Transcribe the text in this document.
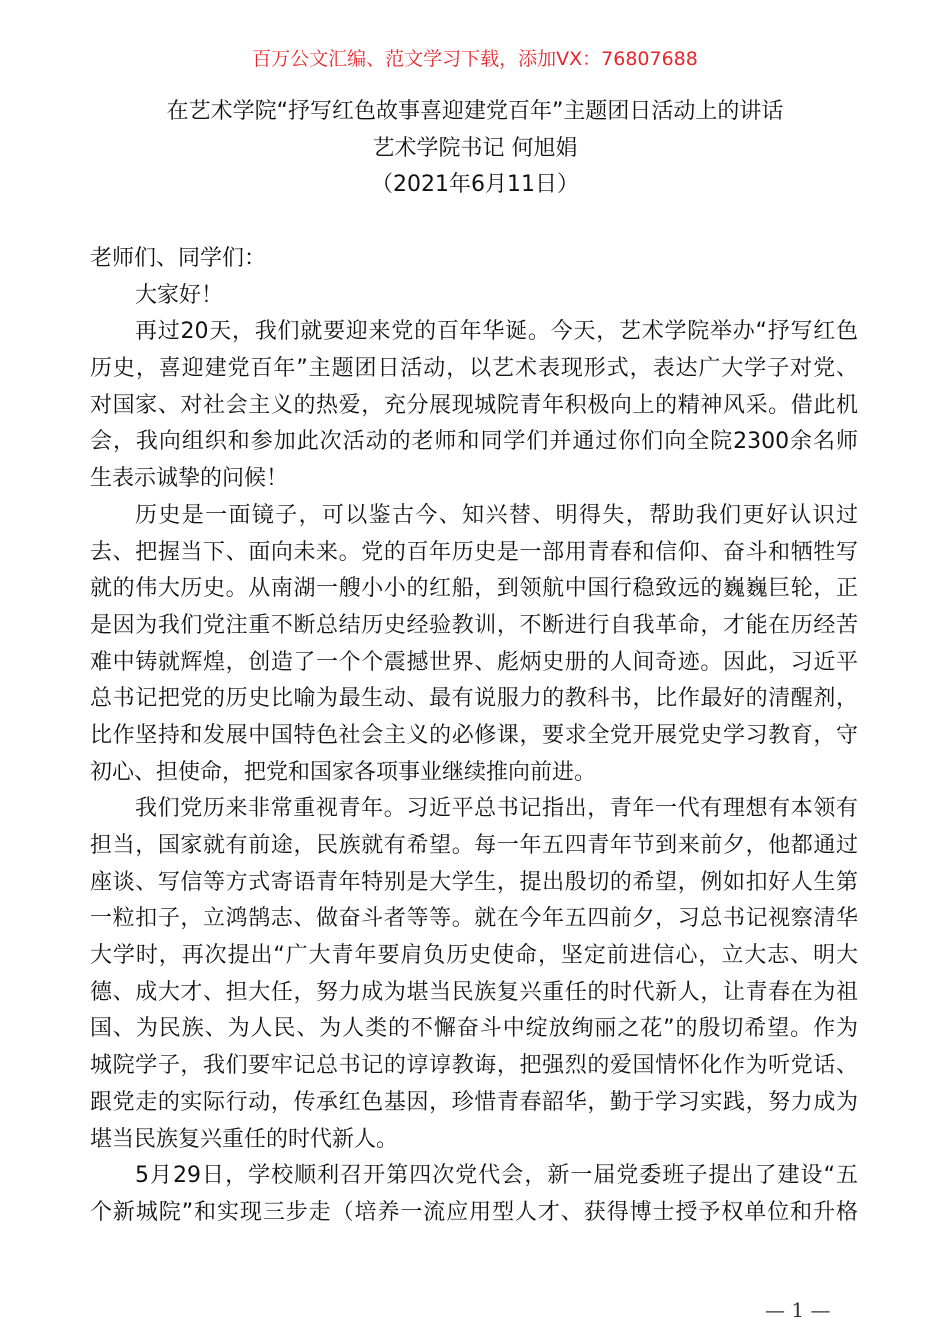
百万公文汇编、范文学习下载，添加VX：76807688
在艺术学院“抒写红色故事喜迎建党百年”主题团日活动上的讲话
艺术学院书记 何旭娟
（2021年6月11日）
老师们、同学们：
大家好！
再过20天，我们就要迎来党的百年华诞。今天，艺术学院举办“抒写红色
历史，喜迎建党百年”主题团日活动，以艺术表现形式，表达广大学子对党、
对国家、对社会主义的热爱，充分展现城院青年积极向上的精神风采。借此机
会，我向组织和参加此次活动的老师和同学们并通过你们向全院2300余名师
生表示诚挚的问候！
历史是一面镜子，可以鉴古今、知兴替、明得失，帮助我们更好认识过
去、把握当下、面向未来。党的百年历史是一部用青春和信仰、奋斗和牺牲写
就的伟大历史。从南湖一艘小小的红船，到领航中国行稳致远的巍巍巨轮，正
是因为我们党注重不断总结历史经验教训，不断进行自我革命，才能在历经苦
难中铸就辉煌，创造了一个个震撼世界、彪炳史册的人间奇迹。因此，习近平
总书记把党的历史比喻为最生动、最有说服力的教科书，比作最好的清醒剂，
比作坚持和发展中国特色社会主义的必修课，要求全党开展党史学习教育，守
初心、担使命，把党和国家各项事业继续推向前进。
我们党历来非常重视青年。习近平总书记指出，青年一代有理想有本领有
担当，国家就有前途，民族就有希望。每一年五四青年节到来前夕，他都通过
座谈、写信等方式寄语青年特别是大学生，提出殷切的希望，例如扣好人生第
一粒扣子，立鸿鹄志、做奋斗者等等。就在今年五四前夕，习总书记视察清华
大学时，再次提出“广大青年要肩负历史使命，坚定前进信心，立大志、明大
德、成大才、担大任，努力成为堪当民族复兴重任的时代新人，让青春在为祖
国、为民族、为人民、为人类的不懈奋斗中绽放绚丽之花”的殷切希望。作为
城院学子，我们要牢记总书记的谆谆教诲，把强烈的爱国情怀化作为听党话、
跟党走的实际行动，传承红色基因，珍惜青春韶华，勤于学习实践，努力成为
堪当民族复兴重任的时代新人。
5月29日，学校顺利召开第四次党代会，新一届党委班子提出了建设“五
个新城院”和实现三步走（培养一流应用型人才、获得博士授予权单位和升格
— 1 —
